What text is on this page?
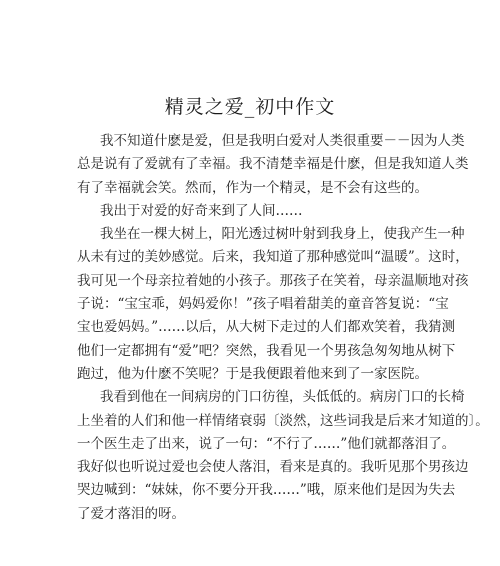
精灵之爱_初中作文

我不知道什麽是爱，但是我明白爱对人类很重要－－因为人类
总是说有了爱就有了幸福。我不清楚幸福是什麽，但是我知道人类
有了幸福就会笑。然而，作为一个精灵，是不会有这些的。

我出于对爱的好奇来到了人间……

我坐在一棵大树上，阳光透过树叶射到我身上，使我产生一种
从未有过的美妙感觉。后来，我知道了那种感觉叫“温暖”。这时，
我可见一个母亲拉着她的小孩子。那孩子在笑着，母亲温顺地对孩
子说：“宝宝乖，妈妈爱你！”孩子唱着甜美的童音答复说：“宝
宝也爱妈妈。”……以后，从大树下走过的人们都欢笑着，我猜测
他们一定都拥有“爱”吧？突然，我看见一个男孩急匆匆地从树下
跑过，他为什麽不笑呢？于是我便跟着他来到了一家医院。

我看到他在一间病房的门口彷徨，头低低的。病房门口的长椅
上坐着的人们和他一样情绪衰弱〔淡然，这些词我是后来才知道的〕。
一个医生走了出来，说了一句：“不行了……”他们就都落泪了。
我好似也听说过爱也会使人落泪，看来是真的。我听见那个男孩边
哭边喊到：“妹妹，你不要分开我……”哦，原来他们是因为失去
了爱才落泪的呀。
